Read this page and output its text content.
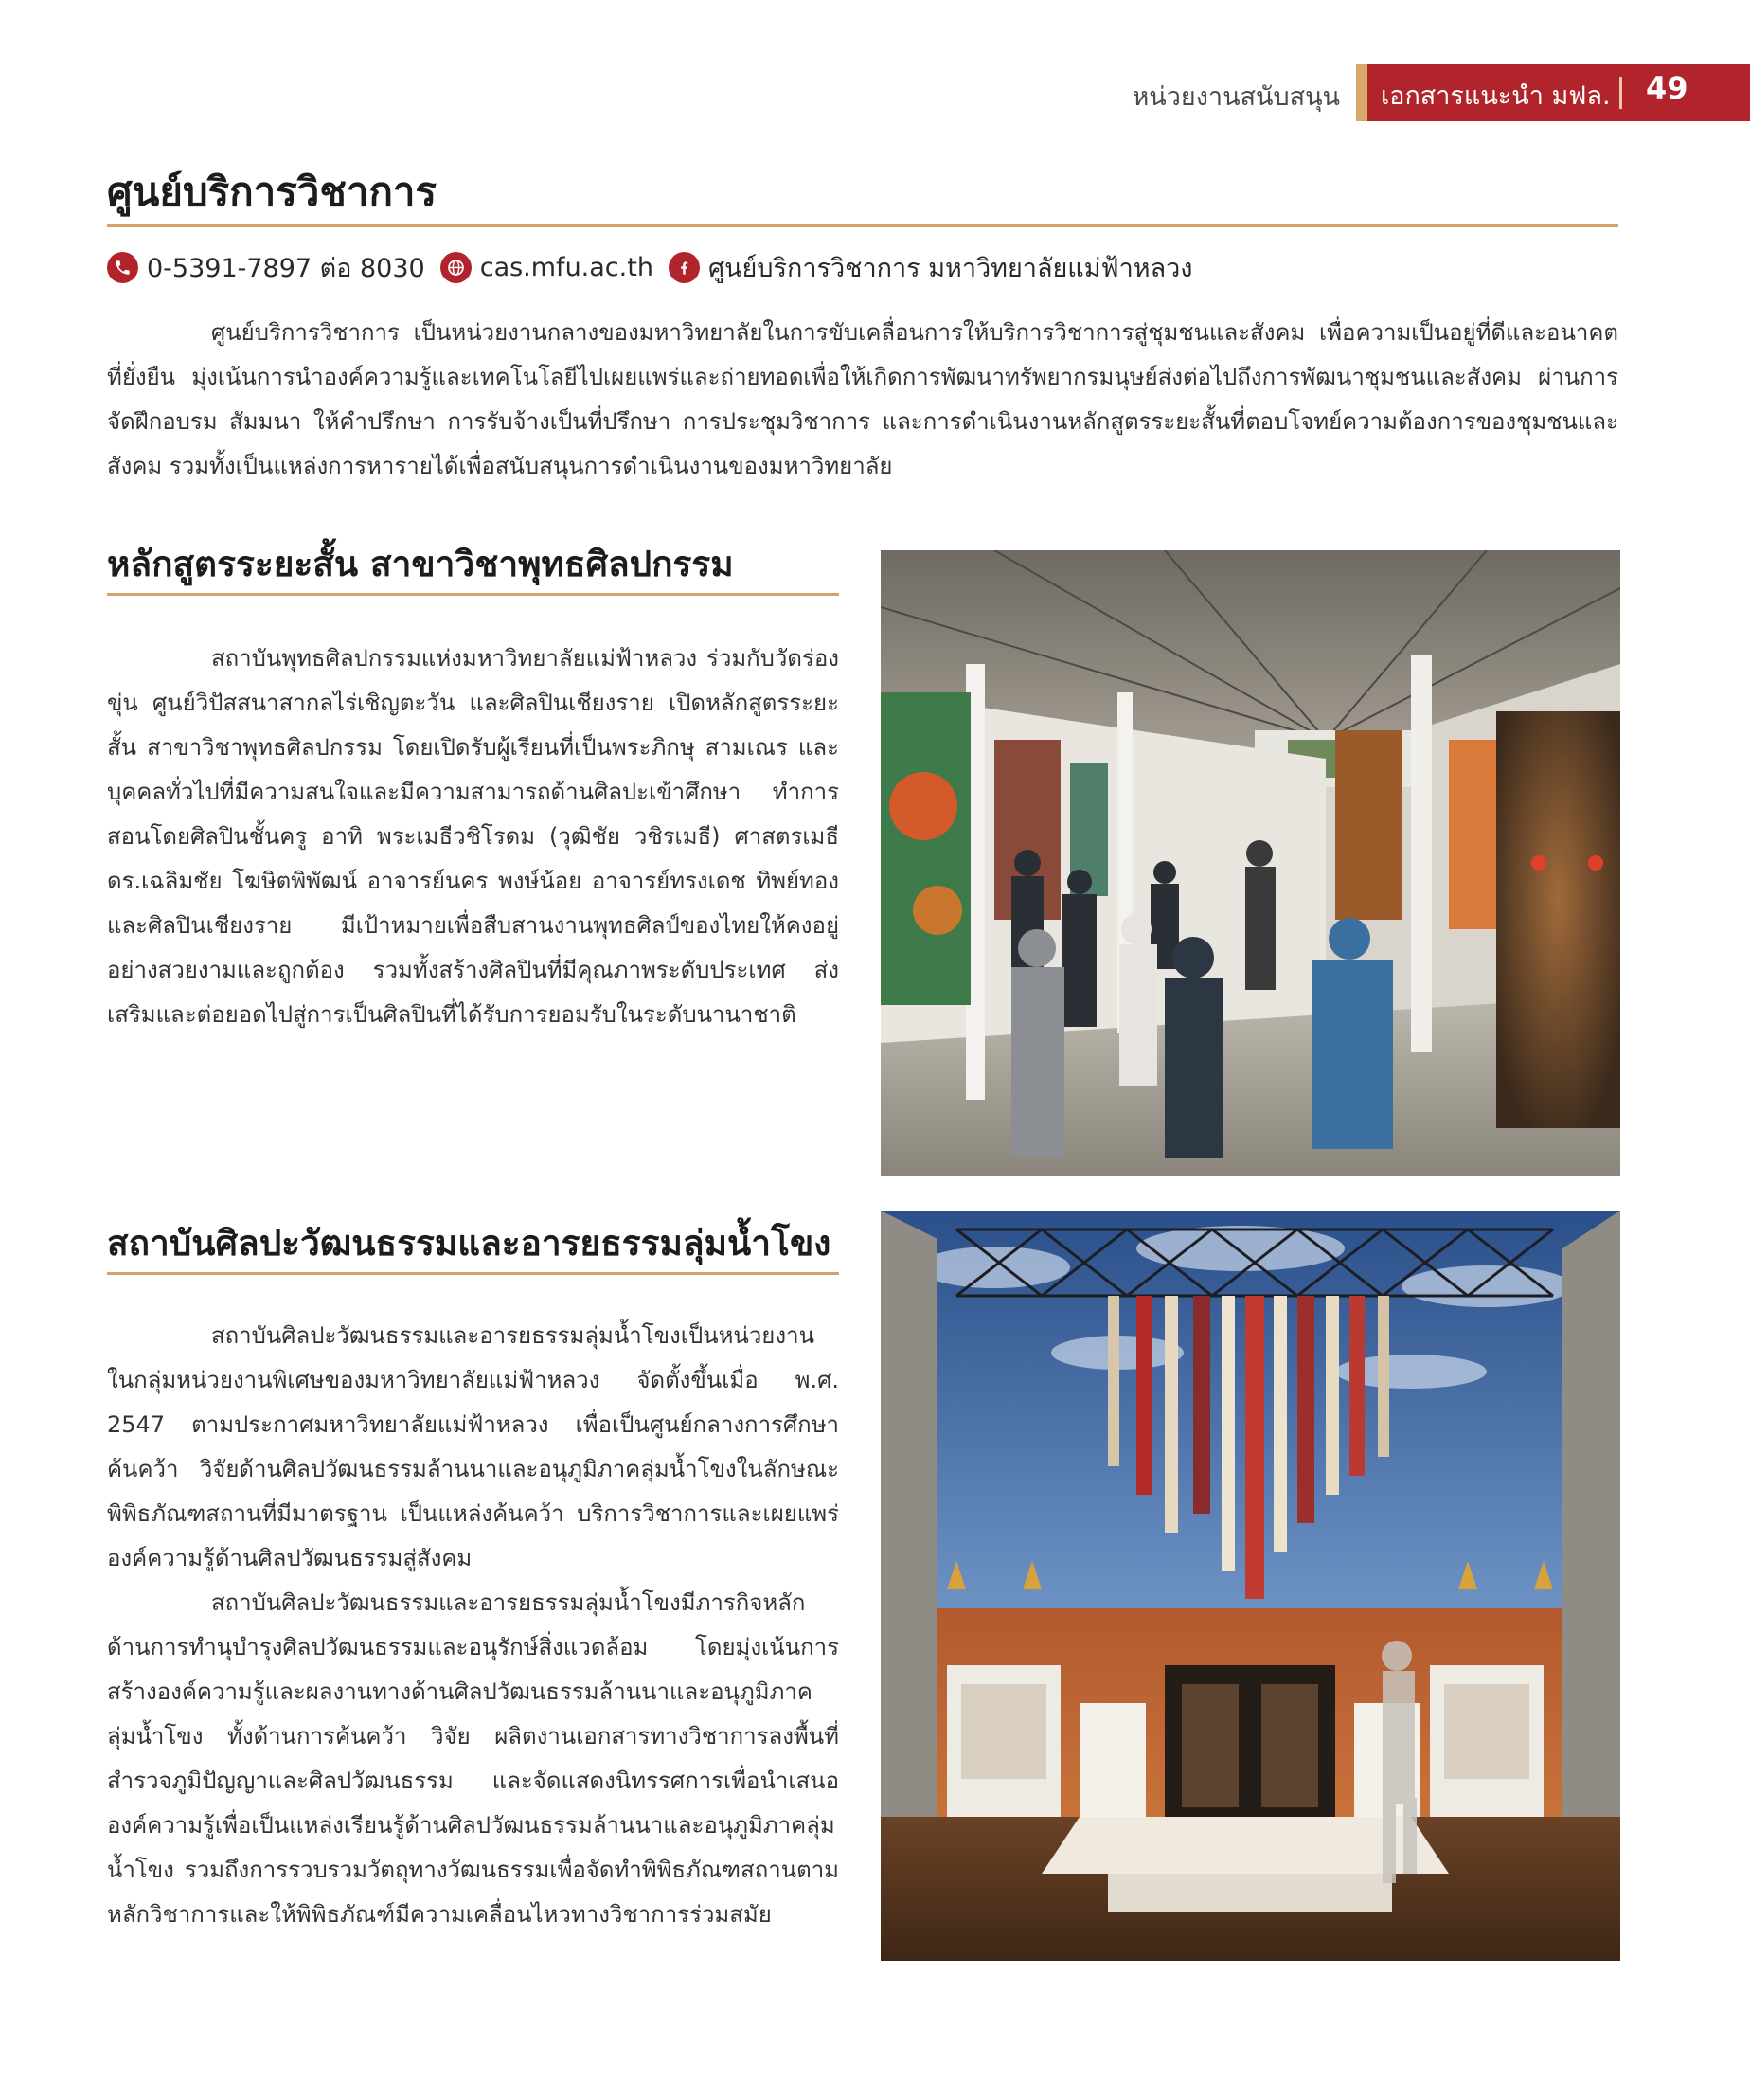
หน่วยงานสนับสนุน เอกสารแนะนำ มฟล. 49
ศูนย์บริการวิชาการ
0-5391-7897 ต่อ 8030 cas.mfu.ac.th ศูนย์บริการวิชาการ มหาวิทยาลัยแม่ฟ้าหลวง

ศูนย์บริการวิชาการ เป็นหน่วยงานกลางของมหาวิทยาลัยในการขับเคลื่อนการให้บริการวิชาการสู่ชุมชนและสังคม เพื่อความเป็นอยู่ที่ดีและอนาคตที่ยั่งยืน มุ่งเน้นการนำองค์ความรู้และเทคโนโลยีไปเผยแพร่และถ่ายทอดเพื่อให้เกิดการพัฒนาทรัพยากรมนุษย์ส่งต่อไปถึงการพัฒนาชุมชนและสังคม ผ่านการจัดฝึกอบรม สัมมนา ให้คำปรึกษา การรับจ้างเป็นที่ปรึกษา การประชุมวิชาการ และการดำเนินงานหลักสูตรระยะสั้นที่ตอบโจทย์ความต้องการของชุมชนและสังคม รวมทั้งเป็นแหล่งการหารายได้เพื่อสนับสนุนการดำเนินงานของมหาวิทยาลัย

หลักสูตรระยะสั้น สาขาวิชาพุทธศิลปกรรม

สถาบันพุทธศิลปกรรมแห่งมหาวิทยาลัยแม่ฟ้าหลวง ร่วมกับวัดร่องขุ่น ศูนย์วิปัสสนาสากลไร่เชิญตะวัน และศิลปินเชียงราย เปิดหลักสูตรระยะสั้น สาขาวิชาพุทธศิลปกรรม โดยเปิดรับผู้เรียนที่เป็นพระภิกษุ สามเณร และบุคคลทั่วไปที่มีความสนใจและมีความสามารถด้านศิลปะเข้าศึกษา ทำการสอนโดยศิลปินชั้นครู อาทิ พระเมธีวชิโรดม (วุฒิชัย วชิรเมธี) ศาสตรเมธี ดร.เฉลิมชัย โฆษิตพิพัฒน์ อาจารย์นคร พงษ์น้อย อาจารย์ทรงเดช ทิพย์ทอง และศิลปินเชียงราย มีเป้าหมายเพื่อสืบสานงานพุทธศิลป์ของไทยให้คงอยู่อย่างสวยงามและถูกต้อง รวมทั้งสร้างศิลปินที่มีคุณภาพระดับประเทศ ส่งเสริมและต่อยอดไปสู่การเป็นศิลปินที่ได้รับการยอมรับในระดับนานาชาติ

สถาบันศิลปะวัฒนธรรมและอารยธรรมลุ่มน้ำโขง

สถาบันศิลปะวัฒนธรรมและอารยธรรมลุ่มน้ำโขงเป็นหน่วยงานในกลุ่มหน่วยงานพิเศษของมหาวิทยาลัยแม่ฟ้าหลวง จัดตั้งขึ้นเมื่อ พ.ศ. 2547 ตามประกาศมหาวิทยาลัยแม่ฟ้าหลวง เพื่อเป็นศูนย์กลางการศึกษา ค้นคว้า วิจัยด้านศิลปวัฒนธรรมล้านนาและอนุภูมิภาคลุ่มน้ำโขงในลักษณะพิพิธภัณฑสถานที่มีมาตรฐาน เป็นแหล่งค้นคว้า บริการวิชาการและเผยแพร่องค์ความรู้ด้านศิลปวัฒนธรรมสู่สังคม

สถาบันศิลปะวัฒนธรรมและอารยธรรมลุ่มน้ำโขงมีภารกิจหลักด้านการทำนุบำรุงศิลปวัฒนธรรมและอนุรักษ์สิ่งแวดล้อม โดยมุ่งเน้นการสร้างองค์ความรู้และผลงานทางด้านศิลปวัฒนธรรมล้านนาและอนุภูมิภาคลุ่มน้ำโขง ทั้งด้านการค้นคว้า วิจัย ผลิตงานเอกสารทางวิชาการลงพื้นที่สำรวจภูมิปัญญาและศิลปวัฒนธรรม และจัดแสดงนิทรรศการเพื่อนำเสนอองค์ความรู้เพื่อเป็นแหล่งเรียนรู้ด้านศิลปวัฒนธรรมล้านนาและอนุภูมิภาคลุ่มน้ำโขง รวมถึงการรวบรวมวัตถุทางวัฒนธรรมเพื่อจัดทำพิพิธภัณฑสถานตามหลักวิชาการและให้พิพิธภัณฑ์มีความเคลื่อนไหวทางวิชาการร่วมสมัย
